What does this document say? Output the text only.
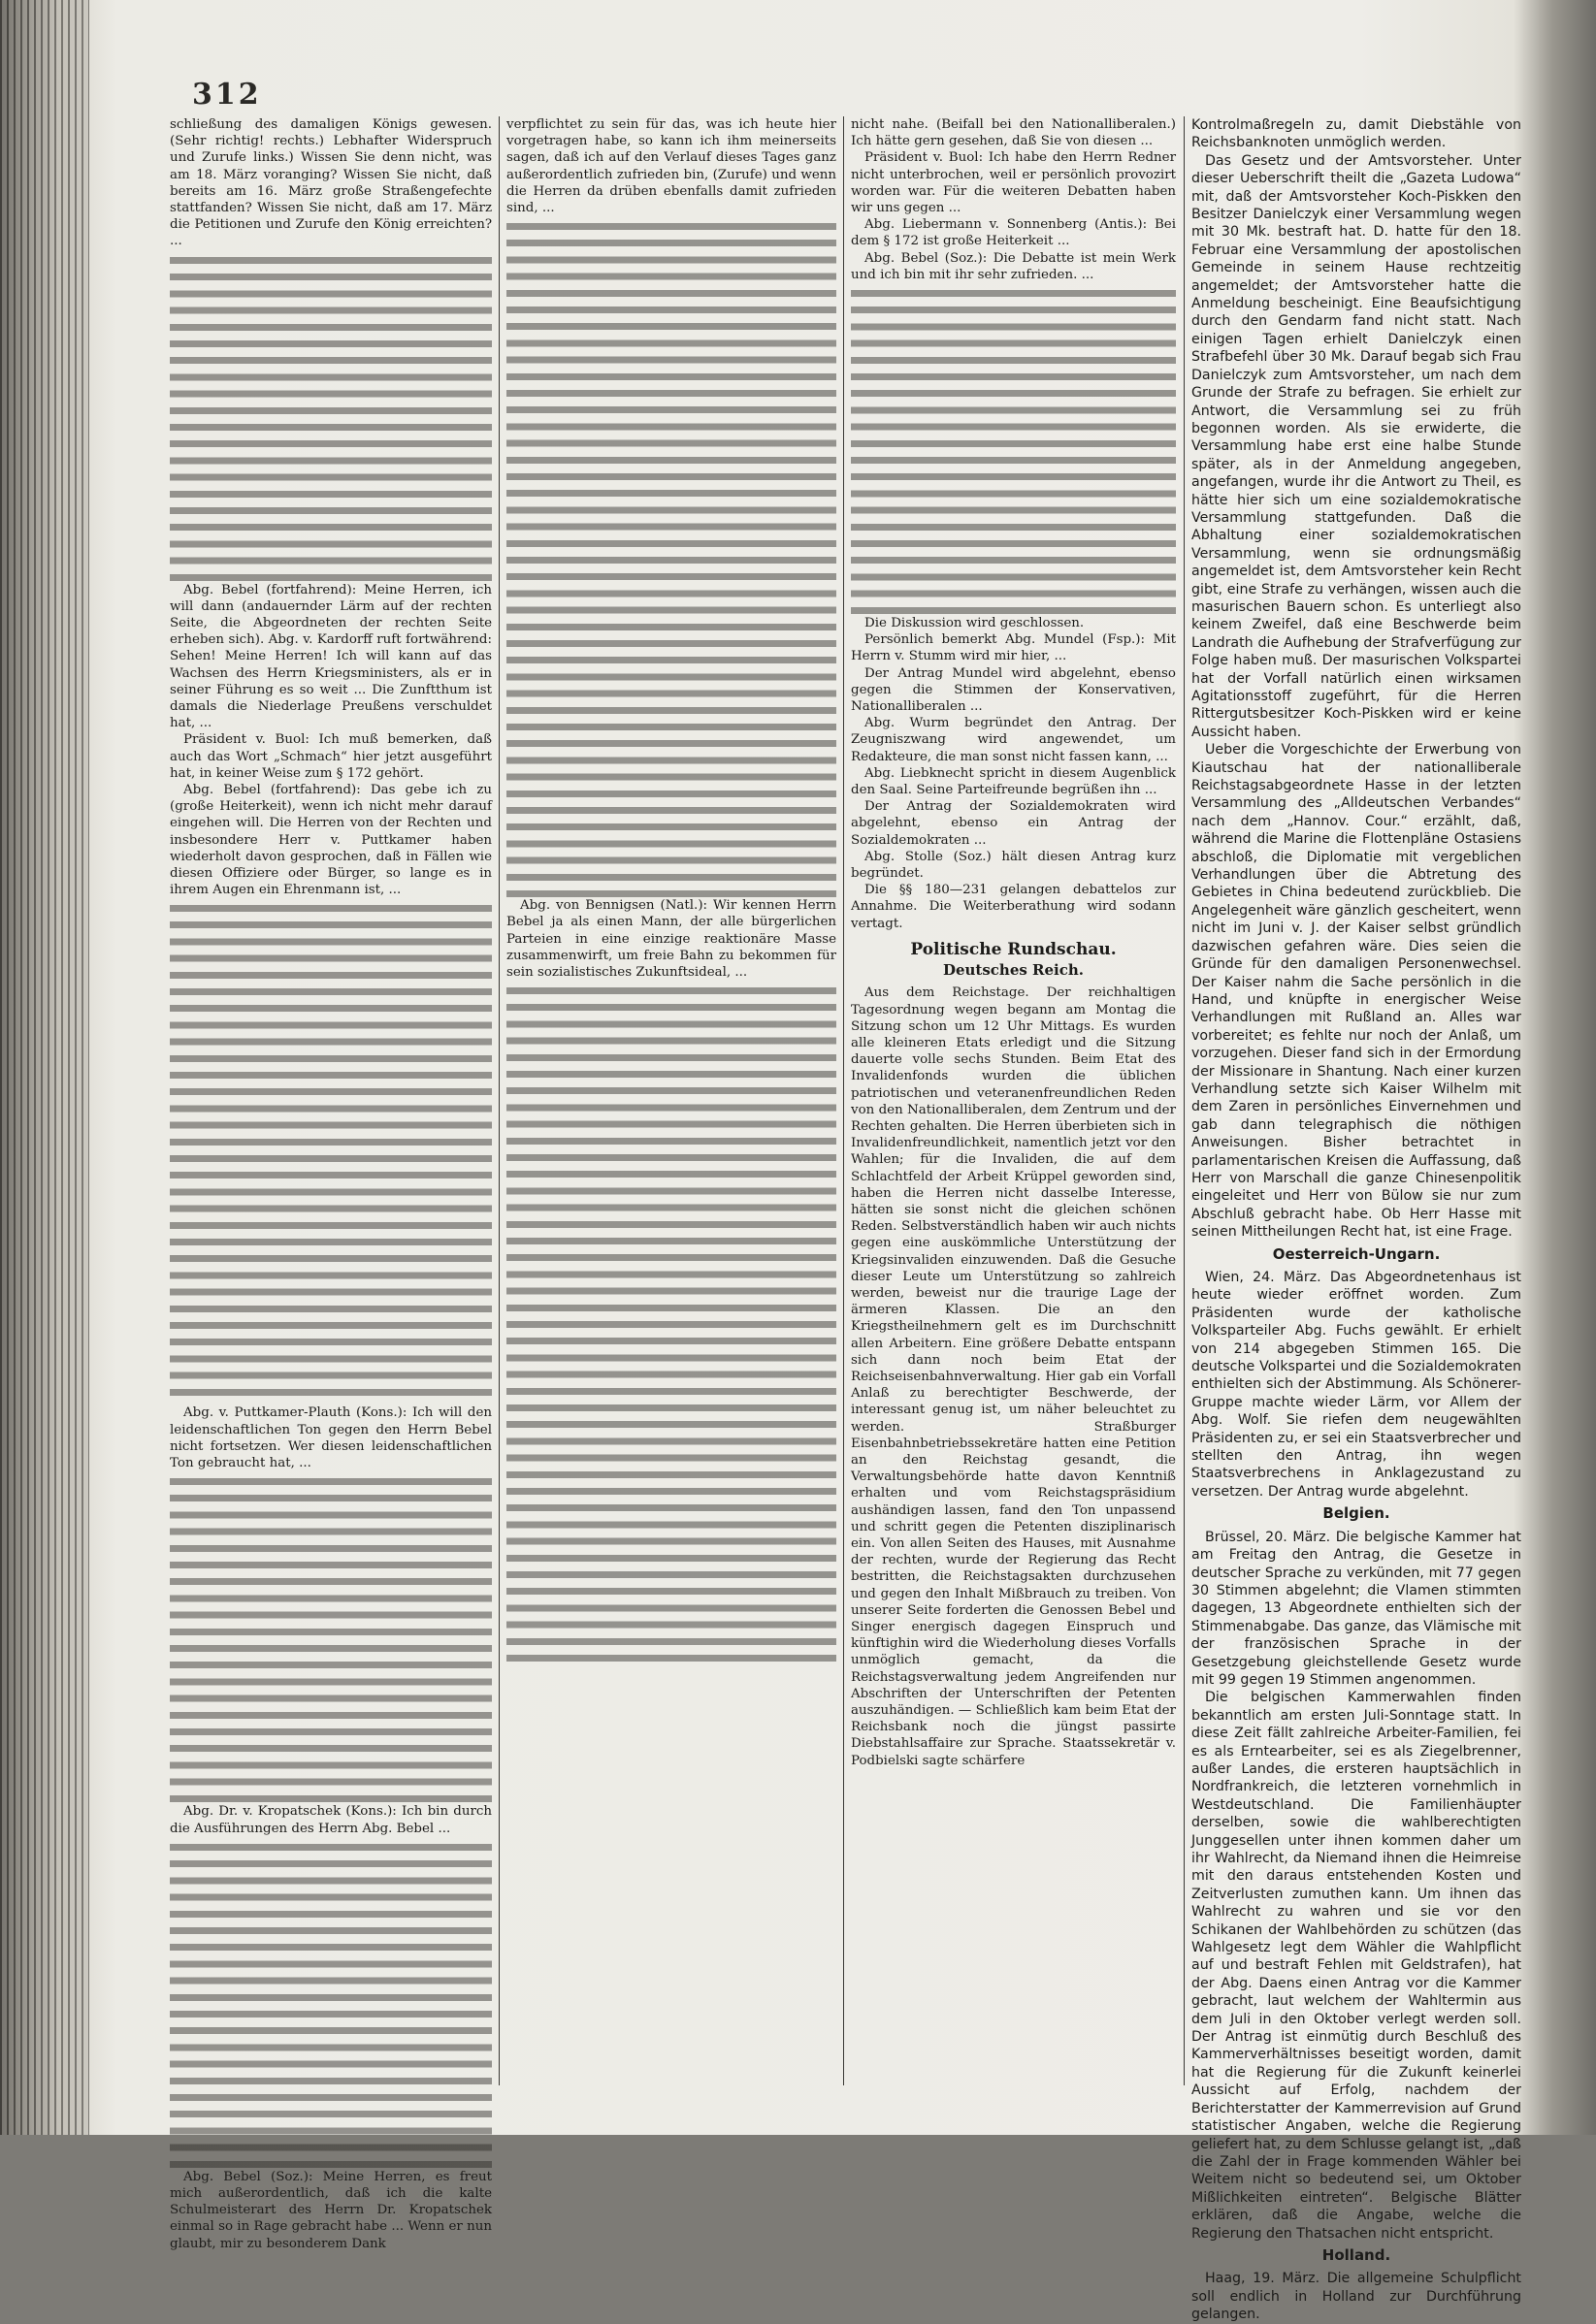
312

schließung des damaligen Königs gewesen. (Sehr richtig! rechts.) Lebhafter Widerspruch und Zurufe links.) Wissen Sie denn nicht, was am 18. März voranging? Wissen Sie nicht, daß bereits am 16. März große Straßengefechte stattfanden? Wissen Sie nicht, daß am 17. März die Petitionen und Zurufe den König erreichten? ...

Abg. Bebel (fortfahrend): Meine Herren, ich will dann (andauernder Lärm auf der rechten Seite, die Abgeordneten der rechten Seite erheben sich). Abg. v. Kardorff ruft fortwährend: Sehen! Meine Herren! Ich will kann auf das Wachsen des Herrn Kriegsministers, als er in seiner Führung es so weit ... Die Zunftthum ist damals die Niederlage Preußens verschuldet hat, ...

Präsident v. Buol: Ich muß bemerken, daß auch das Wort „Schmach“ hier jetzt ausgeführt hat, in keiner Weise zum § 172 gehört.

Abg. Bebel (fortfahrend): Das gebe ich zu (große Heiterkeit), wenn ich nicht mehr darauf eingehen will. Die Herren von der Rechten und insbesondere Herr v. Puttkamer haben wiederholt davon gesprochen, daß in Fällen wie diesen Offiziere oder Bürger, so lange es in ihrem Augen ein Ehrenmann ist, ...

Abg. v. Puttkamer-Plauth (Kons.): Ich will den leidenschaftlichen Ton gegen den Herrn Bebel nicht fortsetzen. Wer diesen leidenschaftlichen Ton gebraucht hat, ...

Abg. Dr. v. Kropatschek (Kons.): Ich bin durch die Ausführungen des Herrn Abg. Bebel ...

Abg. Bebel (Soz.): Meine Herren, es freut mich außerordentlich, daß ich die kalte Schulmeisterart des Herrn Dr. Kropatschek einmal so in Rage gebracht habe ... Wenn er nun glaubt, mir zu besonderem Dank

verpflichtet zu sein für das, was ich heute hier vorgetragen habe, so kann ich ihm meinerseits sagen, daß ich auf den Verlauf dieses Tages ganz außerordentlich zufrieden bin, (Zurufe) und wenn die Herren da drüben ebenfalls damit zufrieden sind, ...

Abg. von Bennigsen (Natl.): Wir kennen Herrn Bebel ja als einen Mann, der alle bürgerlichen Parteien in eine einzige reaktionäre Masse zusammenwirft, um freie Bahn zu bekommen für sein sozialistisches Zukunftsideal, ...

nicht nahe. (Beifall bei den Nationalliberalen.) Ich hätte gern gesehen, daß Sie von diesen ...

Präsident v. Buol: Ich habe den Herrn Redner nicht unterbrochen, weil er persönlich provozirt worden war. Für die weiteren Debatten haben wir uns gegen ...

Abg. Liebermann v. Sonnenberg (Antis.): Bei dem § 172 ist große Heiterkeit ...

Abg. Bebel (Soz.): Die Debatte ist mein Werk und ich bin mit ihr sehr zufrieden. ...

Die Diskussion wird geschlossen.

Persönlich bemerkt Abg. Mundel (Fsp.): Mit Herrn v. Stumm wird mir hier, ...

Der Antrag Mundel wird abgelehnt, ebenso gegen die Stimmen der Konservativen, Nationalliberalen ...

Abg. Wurm begründet den Antrag. Der Zeugniszwang wird angewendet, um Redakteure, die man sonst nicht fassen kann, ...

Abg. Liebknecht spricht in diesem Augenblick den Saal. Seine Parteifreunde begrüßen ihn ...

Der Antrag der Sozialdemokraten wird abgelehnt, ebenso ein Antrag der Sozialdemokraten ...

Abg. Stolle (Soz.) hält diesen Antrag kurz begründet.

Die §§ 180—231 gelangen debattelos zur Annahme. Die Weiterberathung wird sodann vertagt.

Politische Rundschau.

Deutsches Reich.

Aus dem Reichstage. Der reichhaltigen Tagesordnung wegen begann am Montag die Sitzung schon um 12 Uhr Mittags. Es wurden alle kleineren Etats erledigt und die Sitzung dauerte volle sechs Stunden. Beim Etat des Invalidenfonds wurden die üblichen patriotischen und veteranenfreundlichen Reden von den Nationalliberalen, dem Zentrum und der Rechten gehalten. Die Herren überbieten sich in Invalidenfreundlichkeit, namentlich jetzt vor den Wahlen; für die Invaliden, die auf dem Schlachtfeld der Arbeit Krüppel geworden sind, haben die Herren nicht dasselbe Interesse, hätten sie sonst nicht die gleichen schönen Reden. Selbstverständlich haben wir auch nichts gegen eine auskömmliche Unterstützung der Kriegsinvaliden einzuwenden. Daß die Gesuche dieser Leute um Unterstützung so zahlreich werden, beweist nur die traurige Lage der ärmeren Klassen. Die an den Kriegstheilnehmern gelt es im Durchschnitt allen Arbeitern. Eine größere Debatte entspann sich dann noch beim Etat der Reichseisenbahnverwaltung. Hier gab ein Vorfall Anlaß zu berechtigter Beschwerde, der interessant genug ist, um näher beleuchtet zu werden. Straßburger Eisenbahnbetriebssekretäre hatten eine Petition an den Reichstag gesandt, die Verwaltungsbehörde hatte davon Kenntniß erhalten und vom Reichstagspräsidium aushändigen lassen, fand den Ton unpassend und schritt gegen die Petenten disziplinarisch ein. Von allen Seiten des Hauses, mit Ausnahme der rechten, wurde der Regierung das Recht bestritten, die Reichstagsakten durchzusehen und gegen den Inhalt Mißbrauch zu treiben. Von unserer Seite forderten die Genossen Bebel und Singer energisch dagegen Einspruch und künftighin wird die Wiederholung dieses Vorfalls unmöglich gemacht, da die Reichstagsverwaltung jedem Angreifenden nur Abschriften der Unterschriften der Petenten auszuhändigen. — Schließlich kam beim Etat der Reichsbank noch die jüngst passirte Diebstahlsaffaire zur Sprache. Staatssekretär v. Podbielski sagte schärfere

Kontrolmaßregeln zu, damit Diebstähle von Reichsbanknoten unmöglich werden.

Das Gesetz und der Amtsvorsteher. Unter dieser Ueberschrift theilt die „Gazeta Ludowa“ mit, daß der Amtsvorsteher Koch-Piskken den Besitzer Danielczyk einer Versammlung wegen mit 30 Mk. bestraft hat. D. hatte für den 18. Februar eine Versammlung der apostolischen Gemeinde in seinem Hause rechtzeitig angemeldet; der Amtsvorsteher hatte die Anmeldung bescheinigt. Eine Beaufsichtigung durch den Gendarm fand nicht statt. Nach einigen Tagen erhielt Danielczyk einen Strafbefehl über 30 Mk. Darauf begab sich Frau Danielczyk zum Amtsvorsteher, um nach dem Grunde der Strafe zu befragen. Sie erhielt zur Antwort, die Versammlung sei zu früh begonnen worden. Als sie erwiderte, die Versammlung habe erst eine halbe Stunde später, als in der Anmeldung angegeben, angefangen, wurde ihr die Antwort zu Theil, es hätte hier sich um eine sozialdemokratische Versammlung stattgefunden. Daß die Abhaltung einer sozialdemokratischen Versammlung, wenn sie ordnungsmäßig angemeldet ist, dem Amtsvorsteher kein Recht gibt, eine Strafe zu verhängen, wissen auch die masurischen Bauern schon. Es unterliegt also keinem Zweifel, daß eine Beschwerde beim Landrath die Aufhebung der Strafverfügung zur Folge haben muß. Der masurischen Volkspartei hat der Vorfall natürlich einen wirksamen Agitationsstoff zugeführt, für die Herren Rittergutsbesitzer Koch-Piskken wird er keine Aussicht haben.

Ueber die Vorgeschichte der Erwerbung von Kiautschau hat der nationalliberale Reichstagsabgeordnete Hasse in der letzten Versammlung des „Alldeutschen Verbandes“ nach dem „Hannov. Cour.“ erzählt, daß, während die Marine die Flottenpläne Ostasiens abschloß, die Diplomatie mit vergeblichen Verhandlungen über die Abtretung des Gebietes in China bedeutend zurückblieb. Die Angelegenheit wäre gänzlich gescheitert, wenn nicht im Juni v. J. der Kaiser selbst gründlich dazwischen gefahren wäre. Dies seien die Gründe für den damaligen Personenwechsel. Der Kaiser nahm die Sache persönlich in die Hand, und knüpfte in energischer Weise Verhandlungen mit Rußland an. Alles war vorbereitet; es fehlte nur noch der Anlaß, um vorzugehen. Dieser fand sich in der Ermordung der Missionare in Shantung. Nach einer kurzen Verhandlung setzte sich Kaiser Wilhelm mit dem Zaren in persönliches Einvernehmen und gab dann telegraphisch die nöthigen Anweisungen. Bisher betrachtet in parlamentarischen Kreisen die Auffassung, daß Herr von Marschall die ganze Chinesenpolitik eingeleitet und Herr von Bülow sie nur zum Abschluß gebracht habe. Ob Herr Hasse mit seinen Mittheilungen Recht hat, ist eine Frage.

Oesterreich-Ungarn.

Wien, 24. März. Das Abgeordnetenhaus ist heute wieder eröffnet worden. Zum Präsidenten wurde der katholische Volksparteiler Abg. Fuchs gewählt. Er erhielt von 214 abgegeben Stimmen 165. Die deutsche Volkspartei und die Sozialdemokraten enthielten sich der Abstimmung. Als Schönerer-Gruppe machte wieder Lärm, vor Allem der Abg. Wolf. Sie riefen dem neugewählten Präsidenten zu, er sei ein Staatsverbrecher und stellten den Antrag, ihn wegen Staatsverbrechens in Anklagezustand zu versetzen. Der Antrag wurde abgelehnt.

Belgien.

Brüssel, 20. März. Die belgische Kammer hat am Freitag den Antrag, die Gesetze in deutscher Sprache zu verkünden, mit 77 gegen 30 Stimmen abgelehnt; die Vlamen stimmten dagegen, 13 Abgeordnete enthielten sich der Stimmenabgabe. Das ganze, das Vlämische mit der französischen Sprache in der Gesetzgebung gleichstellende Gesetz wurde mit 99 gegen 19 Stimmen angenommen.

Die belgischen Kammerwahlen finden bekanntlich am ersten Juli-Sonntage statt. In diese Zeit fällt zahlreiche Arbeiter-Familien, fei es als Erntearbeiter, sei es als Ziegelbrenner, außer Landes, die ersteren hauptsächlich in Nordfrankreich, die letzteren vornehmlich in Westdeutschland. Die Familienhäupter derselben, sowie die wahlberechtigten Junggesellen unter ihnen kommen daher um ihr Wahlrecht, da Niemand ihnen die Heimreise mit den daraus entstehenden Kosten und Zeitverlusten zumuthen kann. Um ihnen das Wahlrecht zu wahren und sie vor den Schikanen der Wahlbehörden zu schützen (das Wahlgesetz legt dem Wähler die Wahlpflicht auf und bestraft Fehlen mit Geldstrafen), hat der Abg. Daens einen Antrag vor die Kammer gebracht, laut welchem der Wahltermin aus dem Juli in den Oktober verlegt werden soll. Der Antrag ist einmütig durch Beschluß des Kammerverhältnisses beseitigt worden, damit hat die Regierung für die Zukunft keinerlei Aussicht auf Erfolg, nachdem der Berichterstatter der Kammerrevision auf Grund statistischer Angaben, welche die Regierung geliefert hat, zu dem Schlusse gelangt ist, „daß die Zahl der in Frage kommenden Wähler bei Weitem nicht so bedeutend sei, um Oktober Mißlichkeiten eintreten“. Belgische Blätter erklären, daß die Angabe, welche die Regierung den Thatsachen nicht entspricht.

Holland.

Haag, 19. März. Die allgemeine Schulpflicht soll endlich in Holland zur Durchführung gelangen.
